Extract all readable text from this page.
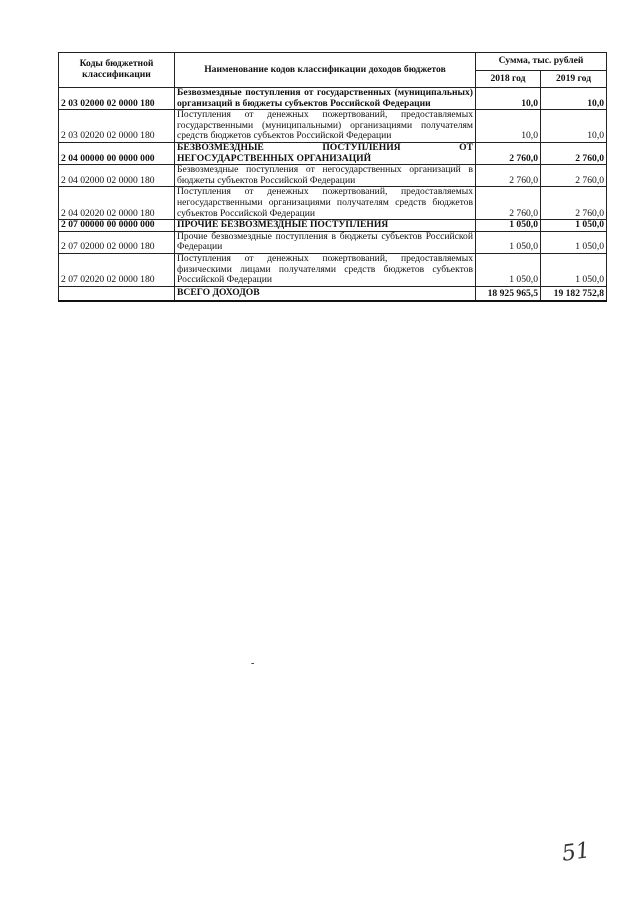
Коды бюджетной классификации	Наименование кодов классификации доходов бюджетов	Сумма, тыс. рублей	
		2018 год	2019 год
2 03 02000 02 0000 180	Безвозмездные поступления от государственных (муниципальных) организаций в бюджеты субъектов Российской Федерации	10,0	10,0
2 03 02020 02 0000 180	Поступления от денежных пожертвований, предоставляемых государственными (муниципальными) организациями получателям средств бюджетов субъектов Российской Федерации	10,0	10,0
2 04 00000 00 0000 000	БЕЗВОЗМЕЗДНЫЕ ПОСТУПЛЕНИЯ ОТ НЕГОСУДАРСТВЕННЫХ ОРГАНИЗАЦИЙ	2 760,0	2 760,0
2 04 02000 02 0000 180	Безвозмездные поступления от негосударственных организаций в бюджеты субъектов Российской Федерации	2 760,0	2 760,0
2 04 02020 02 0000 180	Поступления от денежных пожертвований, предоставляемых негосударственными организациями получателям средств бюджетов субъектов Российской Федерации	2 760,0	2 760,0
2 07 00000 00 0000 000	ПРОЧИЕ БЕЗВОЗМЕЗДНЫЕ ПОСТУПЛЕНИЯ	1 050,0	1 050,0
2 07 02000 02 0000 180	Прочие безвозмездные поступления в бюджеты субъектов Российской Федерации	1 050,0	1 050,0
2 07 02020 02 0000 180	Поступления от денежных пожертвований, предоставляемых физическими лицами получателями средств бюджетов субъектов Российской Федерации	1 050,0	1 050,0
	ВСЕГО ДОХОДОВ	18 925 965,5	19 182 752,8
-
51
